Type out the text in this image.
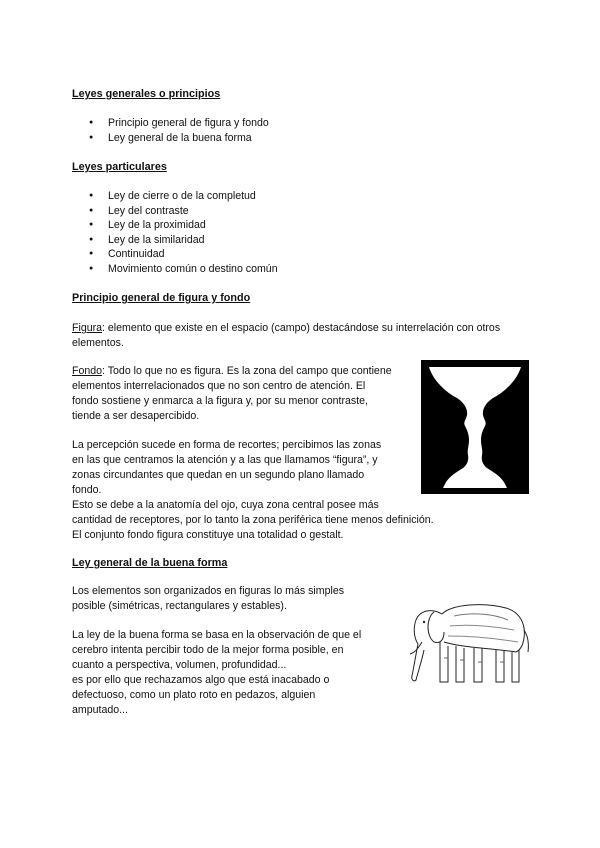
Leyes generales o principios
● Principio general de figura y fondo
● Ley general de la buena forma
Leyes particulares
● Ley de cierre o de la completud
● Ley del contraste
● Ley de la proximidad
● Ley de la similaridad
● Continuidad
● Movimiento común o destino común
Principio general de figura y fondo

Figura: elemento que existe en el espacio (campo) destacándose su interrelación con otros
elementos.

Fondo: Todo lo que no es figura. Es la zona del campo que contiene
elementos interrelacionados que no son centro de atención. El
fondo sostiene y enmarca a la figura y, por su menor contraste,
tiende a ser desapercibido.

La percepción sucede en forma de recortes; percibimos las zonas
en las que centramos la atención y a las que llamamos “figura”, y
zonas circundantes que quedan en un segundo plano llamado
fondo.
Esto se debe a la anatomía del ojo, cuya zona central posee más
cantidad de receptores, por lo tanto la zona periférica tiene menos definición.
El conjunto fondo figura constituye una totalidad o gestalt.

Ley general de la buena forma

Los elementos son organizados en figuras lo más simples
posible (simétricas, rectangulares y estables).

La ley de la buena forma se basa en la observación de que el
cerebro intenta percibir todo de la mejor forma posible, en
cuanto a perspectiva, volumen, profundidad...
es por ello que rechazamos algo que está inacabado o
defectuoso, como un plato roto en pedazos, alguien
amputado...
